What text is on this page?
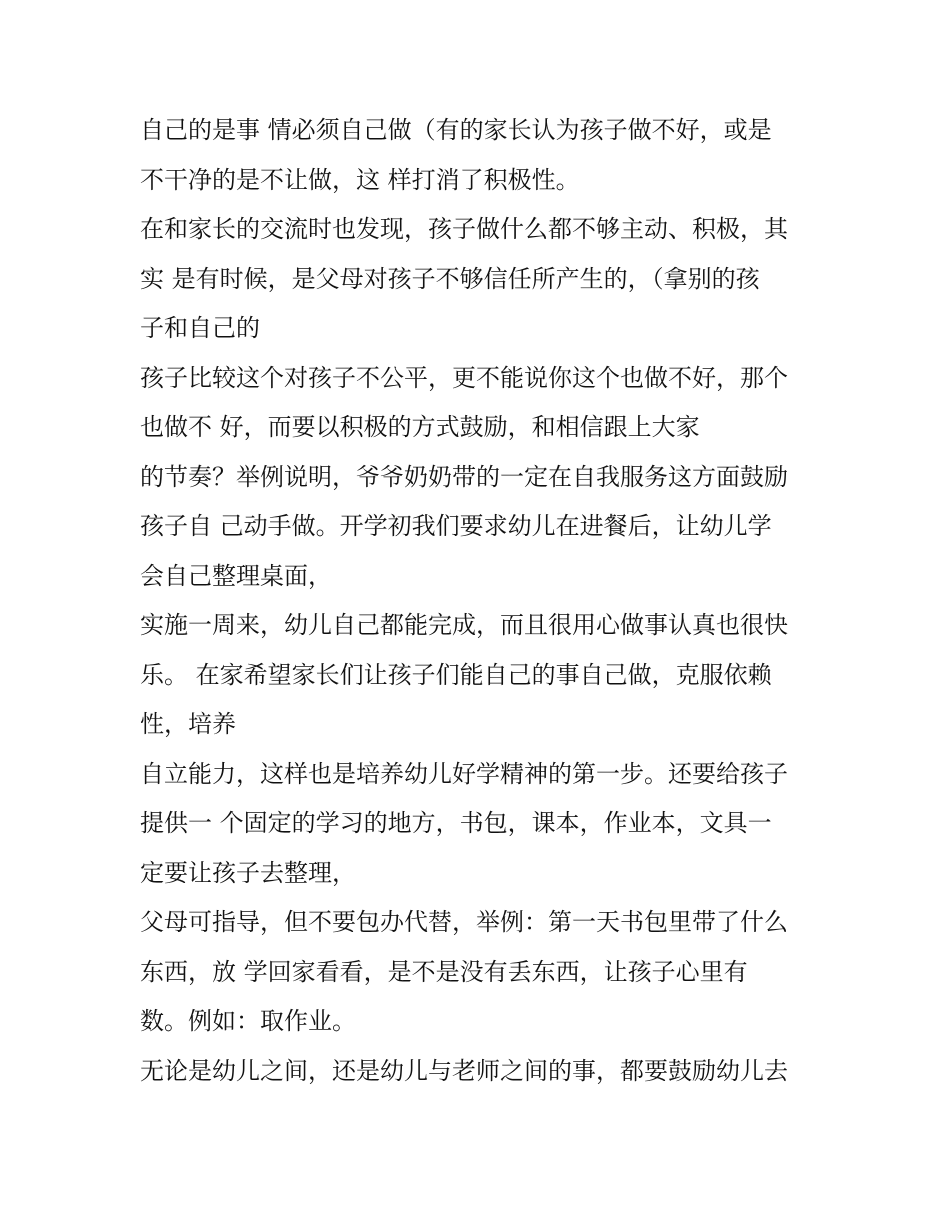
自己的是事 情必须自己做（有的家长认为孩子做不好，或是
不干净的是不让做，这 样打消了积极性。
在和家长的交流时也发现，孩子做什么都不够主动、积极，其
实 是有时候，是父母对孩子不够信任所产生的，（拿别的孩
子和自己的
孩子比较这个对孩子不公平，更不能说你这个也做不好，那个
也做不 好，而要以积极的方式鼓励，和相信跟上大家
的节奏？举例说明，爷爷奶奶带的一定在自我服务这方面鼓励
孩子自 己动手做。开学初我们要求幼儿在进餐后，让幼儿学
会自己整理桌面，
实施一周来，幼儿自己都能完成，而且很用心做事认真也很快
乐。 在家希望家长们让孩子们能自己的事自己做，克服依赖
性，培养
自立能力，这样也是培养幼儿好学精神的第一步。还要给孩子
提供一 个固定的学习的地方，书包，课本，作业本，文具一
定要让孩子去整理，
父母可指导，但不要包办代替，举例：第一天书包里带了什么
东西，放 学回家看看，是不是没有丢东西，让孩子心里有
数。例如：取作业。
无论是幼儿之间，还是幼儿与老师之间的事，都要鼓励幼儿去
